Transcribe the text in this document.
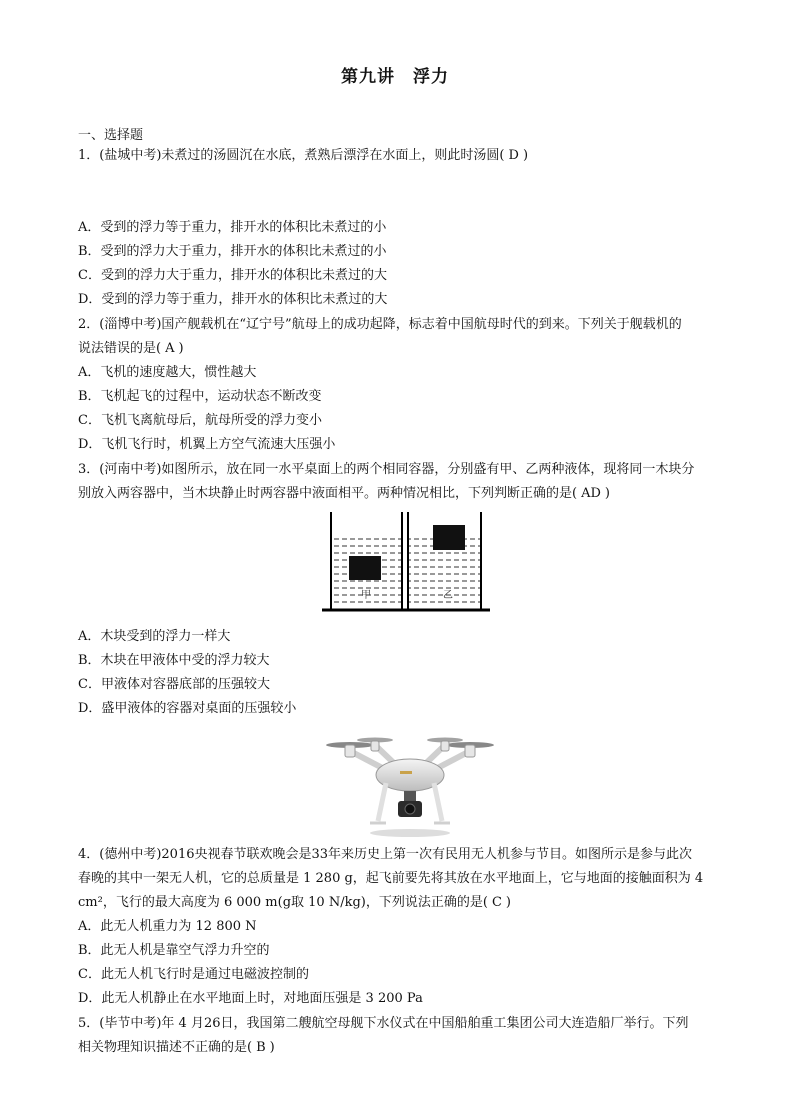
第九讲　浮力
一、选择题
1．(盐城中考)未煮过的汤圆沉在水底，煮熟后漂浮在水面上，则此时汤圆( D )
A．受到的浮力等于重力，排开水的体积比未煮过的小
B．受到的浮力大于重力，排开水的体积比未煮过的小
C．受到的浮力大于重力，排开水的体积比未煮过的大
D．受到的浮力等于重力，排开水的体积比未煮过的大
2．(淄博中考)国产舰载机在“辽宁号”航母上的成功起降，标志着中国航母时代的到来。下列关于舰载机的
说法错误的是( A )
A．飞机的速度越大，惯性越大
B．飞机起飞的过程中，运动状态不断改变
C．飞机飞离航母后，航母所受的浮力变小
D．飞机飞行时，机翼上方空气流速大压强小
3．(河南中考)如图所示，放在同一水平桌面上的两个相同容器，分别盛有甲、乙两种液体，现将同一木块分
别放入两容器中，当木块静止时两容器中液面相平。两种情况相比，下列判断正确的是( AD )
甲	乙
A．木块受到的浮力一样大
B．木块在甲液体中受的浮力较大
C．甲液体对容器底部的压强较大
D．盛甲液体的容器对桌面的压强较小
4．(德州中考)2016央视春节联欢晚会是33年来历史上第一次有民用无人机参与节目。如图所示是参与此次
春晚的其中一架无人机，它的总质量是 1 280 g，起飞前要先将其放在水平地面上，它与地面的接触面积为 4
cm²，飞行的最大高度为 6 000 m(g取 10 N/kg)，下列说法正确的是( C )
A．此无人机重力为 12 800 N
B．此无人机是靠空气浮力升空的
C．此无人机飞行时是通过电磁波控制的
D．此无人机静止在水平地面上时，对地面压强是 3 200 Pa
5．(毕节中考)年 4 月26日，我国第二艘航空母舰下水仪式在中国船舶重工集团公司大连造船厂举行。下列
相关物理知识描述不正确的是( B )
